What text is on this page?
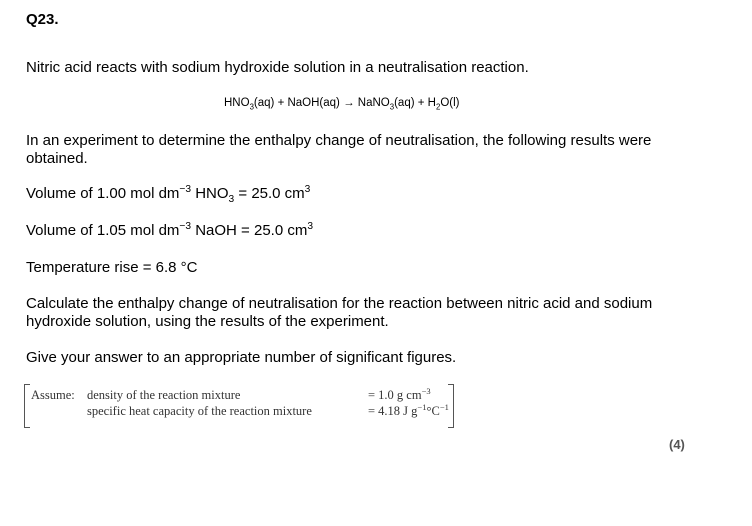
Q23.

Nitric acid reacts with sodium hydroxide solution in a neutralisation reaction.

$HNO_3(aq)$ + NaOH(aq) → NaNO$_3$(aq) + $H_2O(l)$

In an experiment to determine the enthalpy change of neutralisation, the following results were obtained.

Volume of 1.00 mol $dm^{-3}$ $HNO_3 = 25.0$ $cm^3$

Volume of 1.05 mol $dm^{-3}$ NaOH = 25.0 $cm^3$

Temperature rise = 6.8 °C

Calculate the enthalpy change of neutralisation for the reaction between nitric acid and sodium hydroxide solution, using the results of the experiment.

Give your answer to an appropriate number of significant figures.

Assume: density of the reaction mixture	= 1.0 g $cm^{-3}$
specific heat capacity of the reaction mixture	= 4.18 J $g^{-1}^\circ C^{-1}$

(4)
